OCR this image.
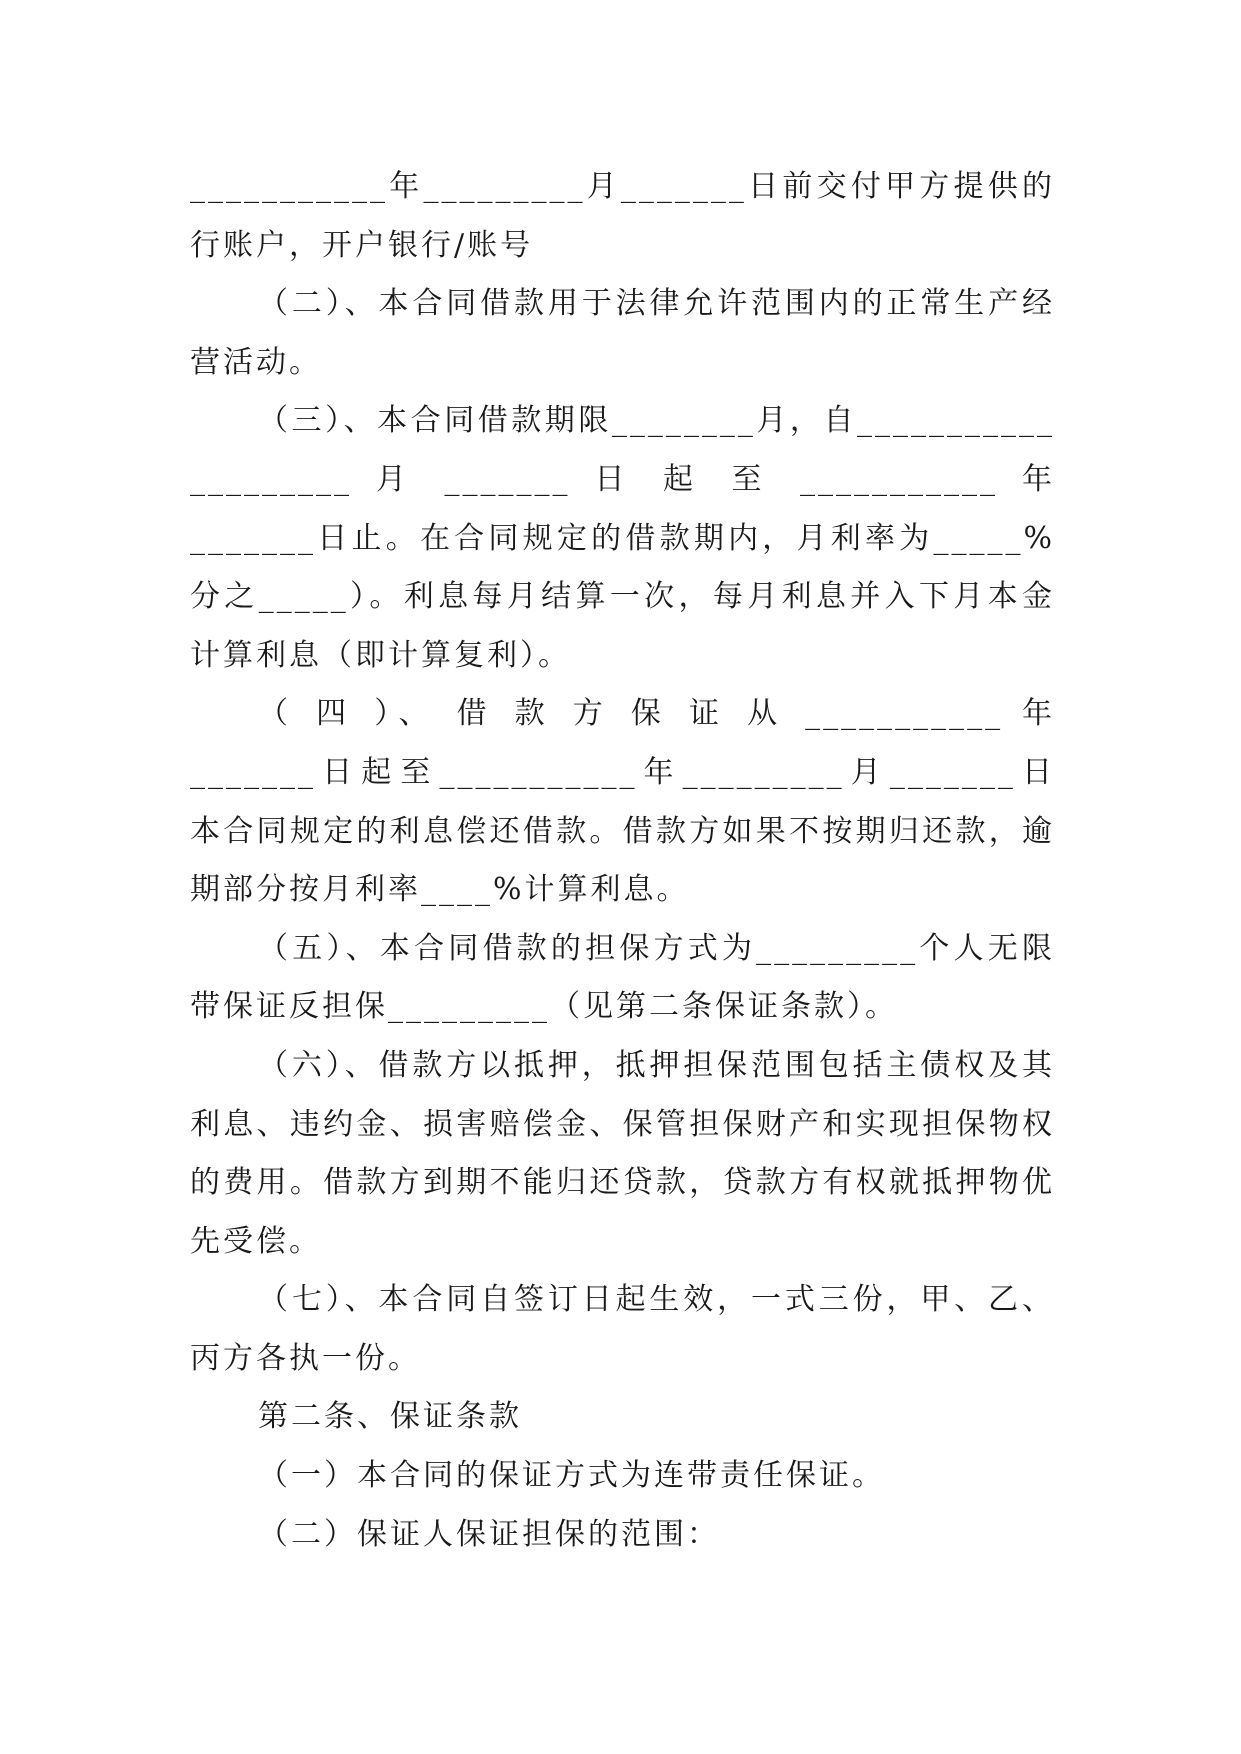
___________年_________月_______日前交付甲方提供的
行账户，开户银行/账号
（二）、本合同借款用于法律允许范围内的正常生产经
营活动。
（三）、本合同借款期限________月，自___________
_________ 月 _______ 日 起 至 ___________ 年
_______日止。在合同规定的借款期内，月利率为_____%
分之_____）。利息每月结算一次，每月利息并入下月本金
计算利息（即计算复利）。
（ 四 ）、 借 款 方 保 证 从 ___________ 年
_______日起至___________年_________月_______日
本合同规定的利息偿还借款。借款方如果不按期归还款，逾
期部分按月利率____%计算利息。
（五）、本合同借款的担保方式为_________个人无限
带保证反担保_________（见第二条保证条款）。
（六）、借款方以抵押，抵押担保范围包括主债权及其
利息、违约金、损害赔偿金、保管担保财产和实现担保物权
的费用。借款方到期不能归还贷款，贷款方有权就抵押物优
先受偿。
（七）、本合同自签订日起生效，一式三份，甲、乙、
丙方各执一份。
第二条、保证条款
（一）本合同的保证方式为连带责任保证。
（二）保证人保证担保的范围：
